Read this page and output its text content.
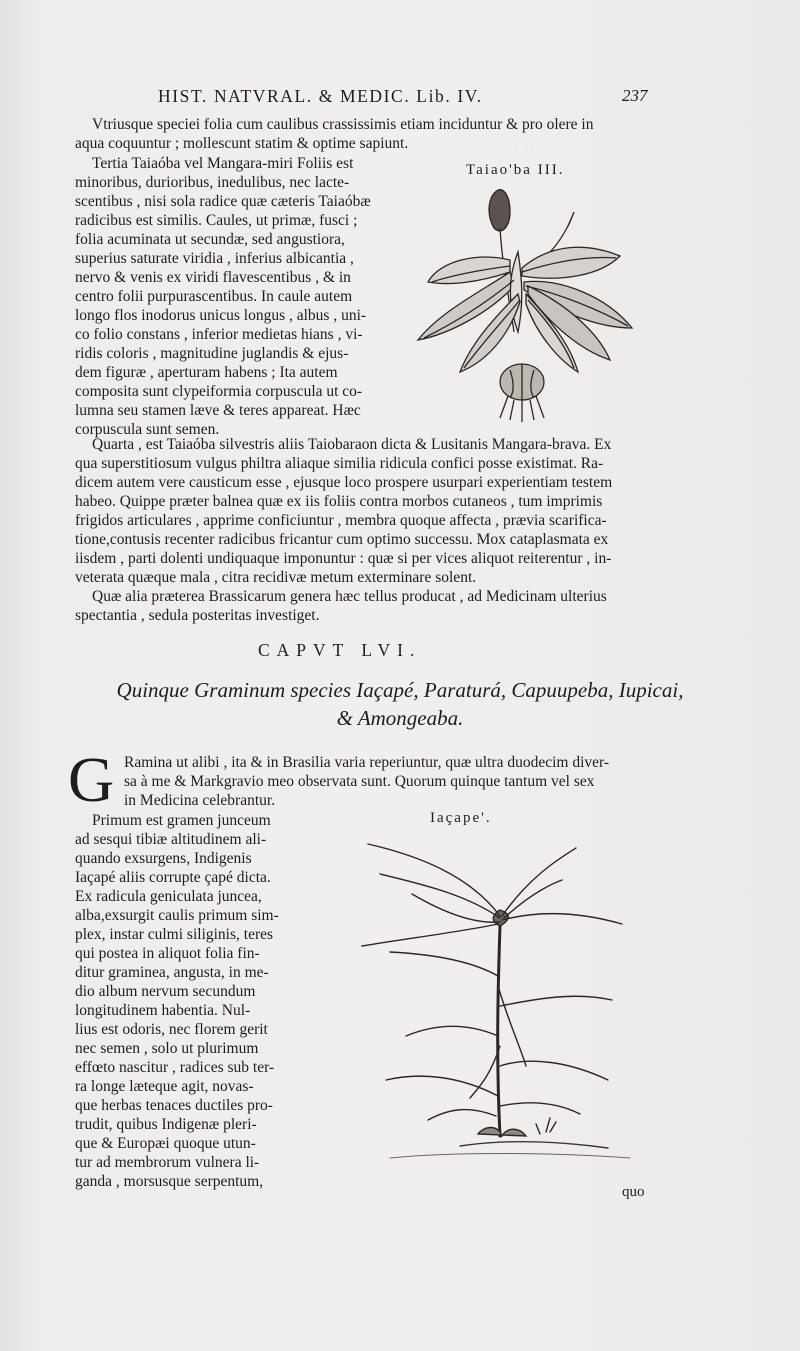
· · ·
HIST. NATVRAL. & MEDIC. Lib. IV.	237
Vtriusque speciei folia cum caulibus crassissimis etiam inciduntur & pro olere in
aqua coquuntur ; mollescunt statim & optime sapiunt.
Taiao'ba III.
Tertia Taiaóba vel Mangara-miri Foliis est
minoribus, durioribus, inedulibus, nec lacte-
scentibus , nisi sola radice quæ cæteris Taiaóbæ
radicibus est similis. Caules, ut primæ, fusci ;
folia acuminata ut secundæ, sed angustiora,
superius saturate viridia , inferius albicantia ,
nervo & venis ex viridi flavescentibus , & in
centro folii purpurascentibus. In caule autem
longo flos inodorus unicus longus , albus , uni-
co folio constans , inferior medietas hians , vi-
ridis coloris , magnitudine juglandis & ejus-
dem figuræ , aperturam habens ; Ita autem
composita sunt clypeiformia corpuscula ut co-
lumna seu stamen læve & teres appareat. Hæc
corpuscula sunt semen.
Quarta , est Taiaóba silvestris aliis Taiobaraon dicta & Lusitanis Mangara-brava. Ex
qua superstitiosum vulgus philtra aliaque similia ridicula confici posse existimat. Ra-
dicem autem vere causticum esse , ejusque loco prospere usurpari experientiam testem
habeo. Quippe præter balnea quæ ex iis foliis contra morbos cutaneos , tum imprimis
frigidos articulares , apprime conficiuntur , membra quoque affecta , prævia scarifica-
tione,contusis recenter radicibus fricantur cum optimo successu. Mox cataplasmata ex
iisdem , parti dolenti undiquaque imponuntur : quæ si per vices aliquot reiterentur , in-
veterata quæque mala , citra recidivæ metum exterminare solent.
Quæ alia præterea Brassicarum genera hæc tellus producat , ad Medicinam ulterius
spectantia , sedula posteritas investiget.
CAPVT LVI.
Quinque Graminum species Iaçapé, Paraturá, Capuupeba, Iupicai,
& Amongeaba.
G Ramina ut alibi , ita & in Brasilia varia reperiuntur, quæ ultra duodecim diver-
sa à me & Markgravio meo observata sunt. Quorum quinque tantum vel sex
in Medicina celebrantur.
Iaçape'.
Primum est gramen junceum
ad sesqui tibiæ altitudinem ali-
quando exsurgens, Indigenis
Iaçapé aliis corrupte çapé dicta.
Ex radicula geniculata juncea,
alba,exsurgit caulis primum sim-
plex, instar culmi siliginis, teres
qui postea in aliquot folia fin-
ditur graminea, angusta, in me-
dio album nervum secundum
longitudinem habentia. Nul-
lius est odoris, nec florem gerit
nec semen , solo ut plurimum
effœto nascitur , radices sub ter-
ra longe læteque agit, novas-
que herbas tenaces ductiles pro-
trudit, quibus Indigenæ pleri-
que & Europæi quoque utun-
tur ad membrorum vulnera li-
ganda , morsusque serpentum,
quo
